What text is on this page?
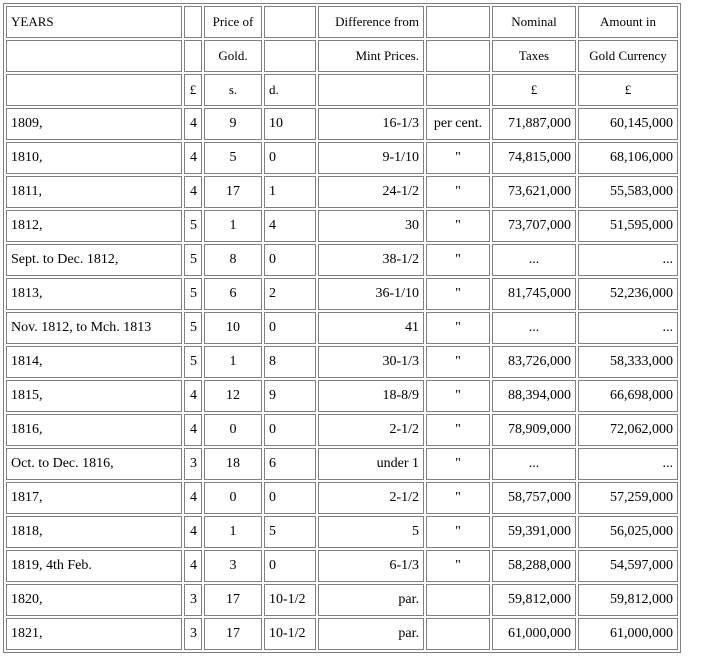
YEARS		Price of		Difference from		Nominal	Amount in
		Gold.		Mint Prices.		Taxes	Gold Currency
	£	s.	d.			£	£
1809,	4	9	10	16-1/3	per cent.	71,887,000	60,145,000
1810,	4	5	0	9-1/10	"	74,815,000	68,106,000
1811,	4	17	1	24-1/2	"	73,621,000	55,583,000
1812,	5	1	4	30	"	73,707,000	51,595,000
Sept. to Dec. 1812,	5	8	0	38-1/2	"	...	...
1813,	5	6	2	36-1/10	"	81,745,000	52,236,000
Nov. 1812, to Mch. 1813	5	10	0	41	"	...	...
1814,	5	1	8	30-1/3	"	83,726,000	58,333,000
1815,	4	12	9	18-8/9	"	88,394,000	66,698,000
1816,	4	0	0	2-1/2	"	78,909,000	72,062,000
Oct. to Dec. 1816,	3	18	6	under 1	"	...	...
1817,	4	0	0	2-1/2	"	58,757,000	57,259,000
1818,	4	1	5	5	"	59,391,000	56,025,000
1819, 4th Feb.	4	3	0	6-1/3	"	58,288,000	54,597,000
1820,	3	17	10-1/2	par.		59,812,000	59,812,000
1821,	3	17	10-1/2	par.		61,000,000	61,000,000
